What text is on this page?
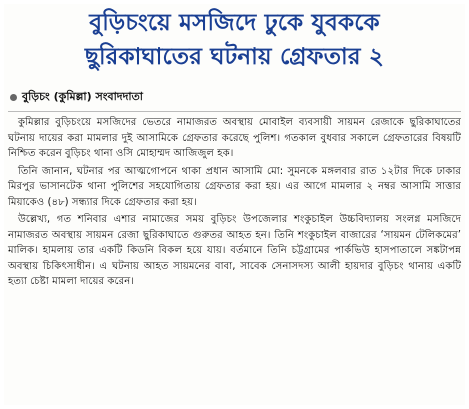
বুড়িচংয়ে মসজিদে ঢুকে যুবককে
ছুরিকাঘাতের ঘটনায় গ্রেফতার ২
বুড়িচং (কুমিল্লা) সংবাদদাতা

কুমিল্লার বুড়িচংয়ে মসজিদের ভেতরে নামাজরত অবস্থায় মোবাইল ব্যবসায়ী সায়মন রেজাকে ছুরিকাঘাতের ঘটনায় দায়ের করা মামলার দুই আসামিকে গ্রেফতার করেছে পুলিশ। গতকাল বুধবার সকালে গ্রেফতারের বিষয়টি নিশ্চিত করেন বুড়িচং থানা ওসি মোহাম্মদ আজিজুল হক।

তিনি জানান, ঘটনার পর আত্মগোপনে থাকা প্রধান আসামি মো: সুমনকে মঙ্গলবার রাত ১২টার দিকে ঢাকার মিরপুর ভাসানটেক থানা পুলিশের সহযোগিতায় গ্রেফতার করা হয়। এর আগে মামলার ২ নম্বর আসামি সাত্তার মিয়াকেও (৪৮) সন্ধ্যার দিকে গ্রেফতার করা হয়।

উল্লেখ্য, গত শনিবার এশার নামাজের সময় বুড়িচং উপজেলার শংকুচাইল উচ্চবিদ্যালয় সংলগ্ন মসজিদে নামাজরত অবস্থায় সায়মন রেজা ছুরিকাঘাতে গুরুতর আহত হন। তিনি শংকুচাইল বাজারের ‘সায়মন টেলিকমের’ মালিক। হামলায় তার একটি কিডনি বিকল হয়ে যায়। বর্তমানে তিনি চট্টগ্রামের পার্কভিউ হাসপাতালে সঙ্কটাপন্ন অবস্থায় চিকিৎসাধীন। এ ঘটনায় আহত সায়মনের বাবা, সাবেক সেনাসদস্য আলী হায়দার বুড়িচং থানায় একটি হত্যা চেষ্টা মামলা দায়ের করেন।
